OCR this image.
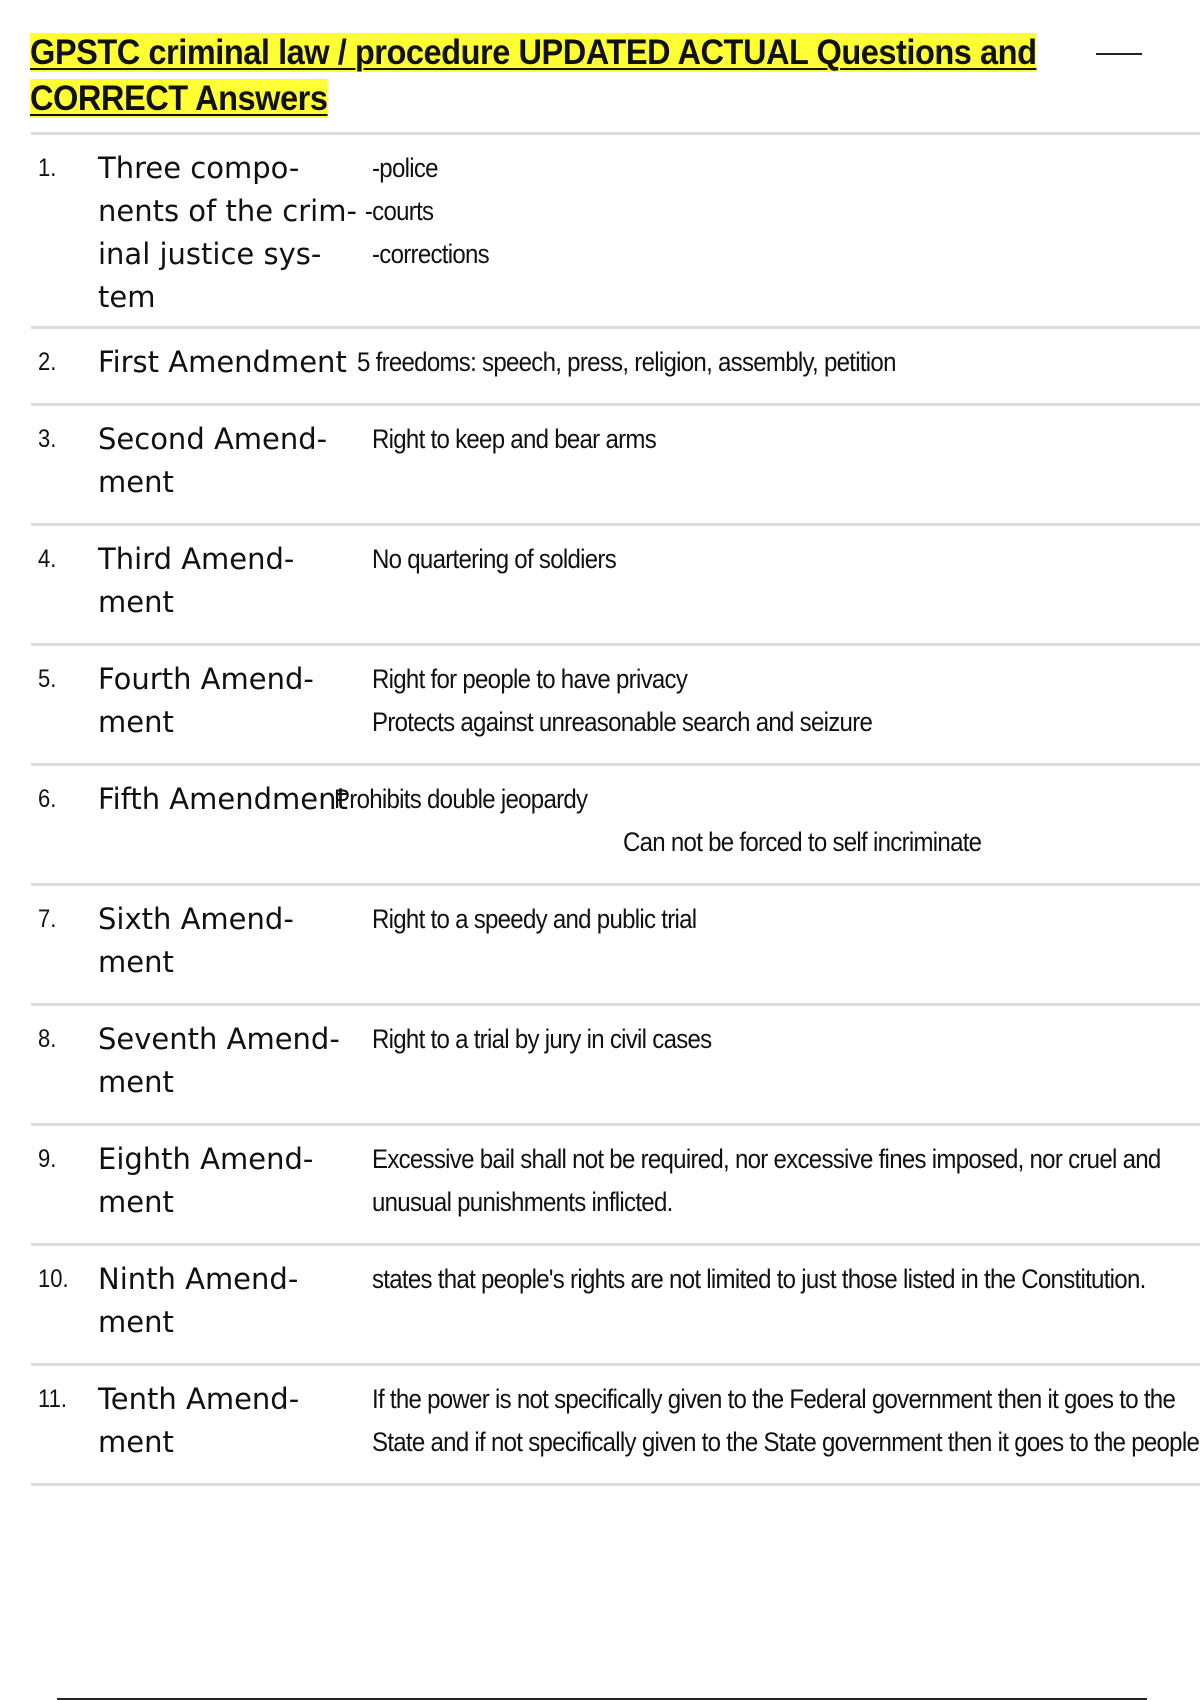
GPSTC criminal law / procedure UPDATED ACTUAL Questions and
CORRECT Answers
1.	Three compo-
nents of the crim-
inal justice sys-
tem
-police
-courts
-corrections
2.	First Amendment 5 freedoms: speech, press, religion, assembly, petition
3.	Second Amend-
ment
Right to keep and bear arms
4.	Third Amend-
ment
No quartering of soldiers
5.	Fourth Amend-
ment
Right for people to have privacy
Protects against unreasonable search and seizure
6.	Fifth Amendment
Prohibits double jeopardy
Can not be forced to self incriminate
7.	Sixth Amend-
ment
Right to a speedy and public trial
8.	Seventh Amend-
ment
Right to a trial by jury in civil cases
9.	Eighth Amend-
ment
Excessive bail shall not be required, nor excessive fines imposed, nor cruel and
unusual punishments inflicted.
10.	Ninth Amend-
ment
states that people's rights are not limited to just those listed in the Constitution.
11.	Tenth Amend-
ment
If the power is not specifically given to the Federal government then it goes to the
State and if not specifically given to the State government then it goes to the people
